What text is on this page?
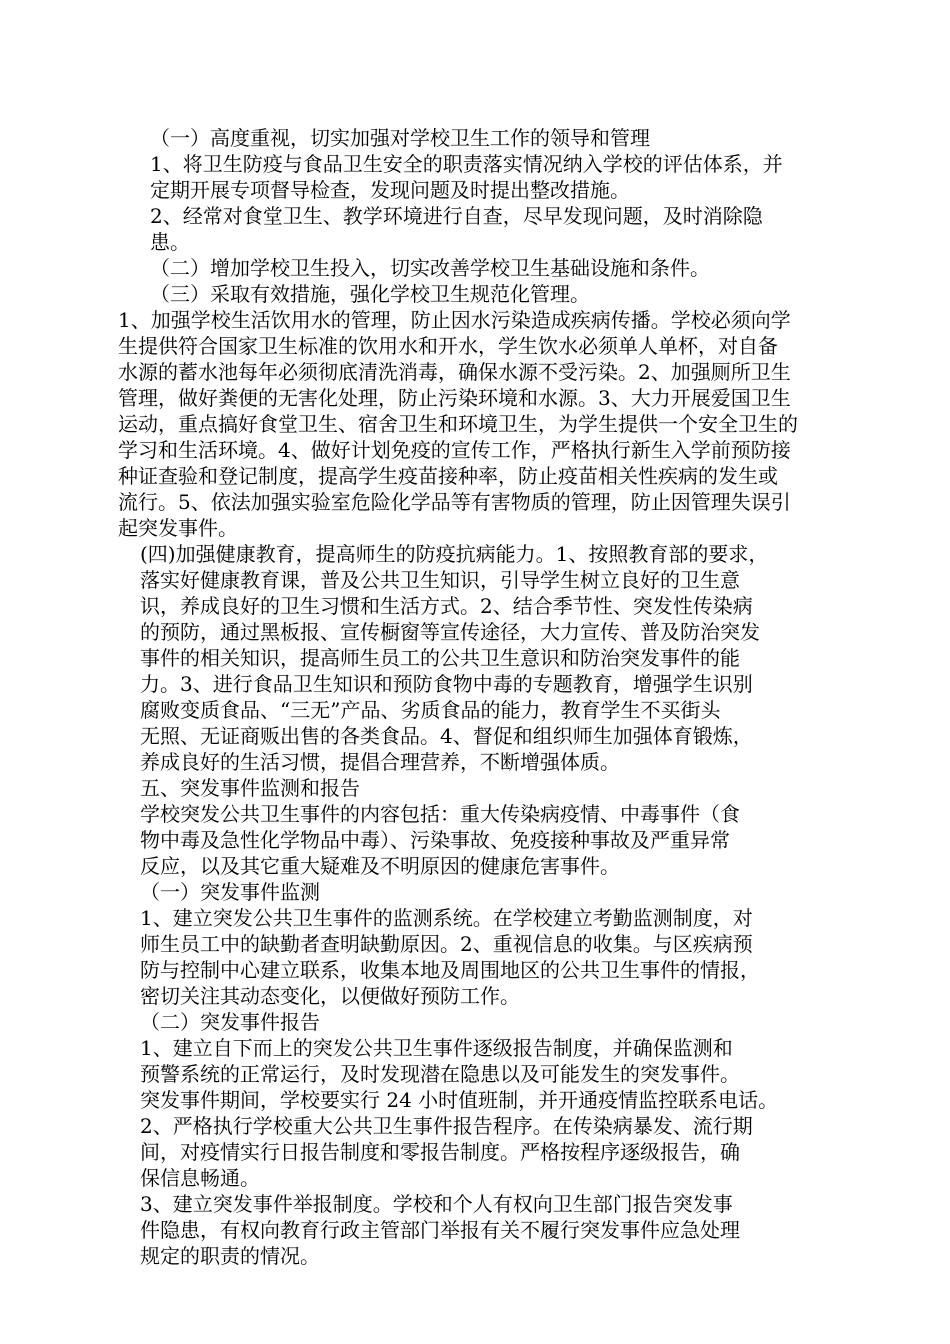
（一）高度重视，切实加强对学校卫生工作的领导和管理

1、将卫生防疫与食品卫生安全的职责落实情况纳入学校的评估体系，并
定期开展专项督导检查，发现问题及时提出整改措施。

2、经常对食堂卫生、教学环境进行自查，尽早发现问题，及时消除隐
患。

（二）增加学校卫生投入，切实改善学校卫生基础设施和条件。

（三）采取有效措施，强化学校卫生规范化管理。

1、加强学校生活饮用水的管理，防止因水污染造成疾病传播。学校必须向学
生提供符合国家卫生标准的饮用水和开水，学生饮水必须单人单杯，对自备
水源的蓄水池每年必须彻底清洗消毒，确保水源不受污染。2、加强厕所卫生
管理，做好粪便的无害化处理，防止污染环境和水源。3、大力开展爱国卫生
运动，重点搞好食堂卫生、宿舍卫生和环境卫生，为学生提供一个安全卫生的
学习和生活环境。4、做好计划免疫的宣传工作，严格执行新生入学前预防接
种证查验和登记制度，提高学生疫苗接种率，防止疫苗相关性疾病的发生或
流行。5、依法加强实验室危险化学品等有害物质的管理，防止因管理失误引
起突发事件。

(四)加强健康教育，提高师生的防疫抗病能力。1、按照教育部的要求，
落实好健康教育课，普及公共卫生知识，引导学生树立良好的卫生意
识，养成良好的卫生习惯和生活方式。2、结合季节性、突发性传染病
的预防，通过黑板报、宣传橱窗等宣传途径，大力宣传、普及防治突发
事件的相关知识，提高师生员工的公共卫生意识和防治突发事件的能
力。3、进行食品卫生知识和预防食物中毒的专题教育，增强学生识别
腐败变质食品、“三无”产品、劣质食品的能力，教育学生不买街头
无照、无证商贩出售的各类食品。4、督促和组织师生加强体育锻炼，
养成良好的生活习惯，提倡合理营养，不断增强体质。

五、突发事件监测和报告

学校突发公共卫生事件的内容包括：重大传染病疫情、中毒事件（食
物中毒及急性化学物品中毒）、污染事故、免疫接种事故及严重异常
反应，以及其它重大疑难及不明原因的健康危害事件。

（一）突发事件监测

1、建立突发公共卫生事件的监测系统。在学校建立考勤监测制度，对
师生员工中的缺勤者查明缺勤原因。2、重视信息的收集。与区疾病预
防与控制中心建立联系，收集本地及周围地区的公共卫生事件的情报，
密切关注其动态变化，以便做好预防工作。

（二）突发事件报告

1、建立自下而上的突发公共卫生事件逐级报告制度，并确保监测和
预警系统的正常运行，及时发现潜在隐患以及可能发生的突发事件。
突发事件期间，学校要实行 24 小时值班制，并开通疫情监控联系电话。

2、严格执行学校重大公共卫生事件报告程序。在传染病暴发、流行期
间，对疫情实行日报告制度和零报告制度。严格按程序逐级报告，确
保信息畅通。

3、建立突发事件举报制度。学校和个人有权向卫生部门报告突发事
件隐患，有权向教育行政主管部门举报有关不履行突发事件应急处理
规定的职责的情况。
